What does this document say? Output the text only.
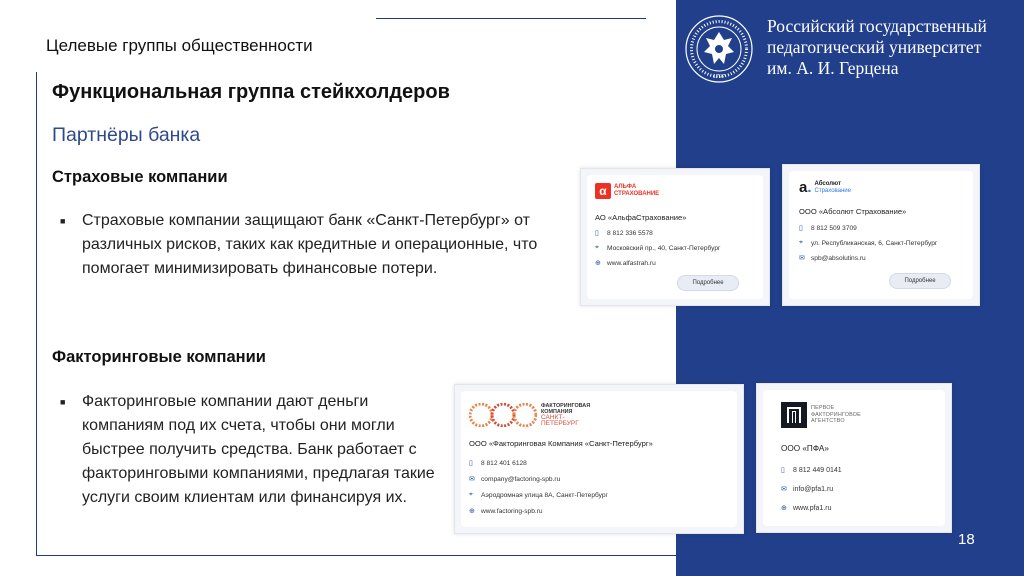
Целевые группы общественности
1797
Российский государственный
педагогический университет
им. А. И. Герцена
Функциональная группа стейкхолдеров
Партнёры банка
Страховые компании
■	Страховые компании защищают банк «Санкт-Петербург» от различных рисков, таких как кредитные и операционные, что помогает минимизировать финансовые потери.
Факторинговые компании
■	Факторинговые компании дают деньги компаниям под их счета, чтобы они могли быстрее получить средства. Банк работает с факторинговыми компаниями, предлагая такие услуги своим клиентам или финансируя их.
α	АЛЬФА
СТРАХОВАНИЕ
АО «АльфаСтрахование»
▯	8 812 336 5578
⌖	Московский пр., 40, Санкт-Петербург
⊕ www.alfastrah.ru
Подробнее
a. Абсолют
Страхование
ООО «Абсолют Страхование»
▯	8 812 509 3709
⌖	ул. Республиканская, 6, Санкт-Петербург
✉ spb@absolutins.ru
Подробнее
ФАКТОРИНГОВАЯ
КОМПАНИЯ
САНКТ-
ПЕТЕРБУРГ
ООО «Факторинговая Компания «Санкт-Петербург»
▯	8 812 401 6128
✉ company@factoring-spb.ru
⌖	Аэродромная улица 8А, Санкт-Петербург
⊕ www.factoring-spb.ru
ПЕРВОЕ
ФАКТОРИНГОВОЕ
АГЕНТСТВО
ООО «ПФА»
▯	8 812 449 0141
✉ info@pfa1.ru
⊕ www.pfa1.ru
18
